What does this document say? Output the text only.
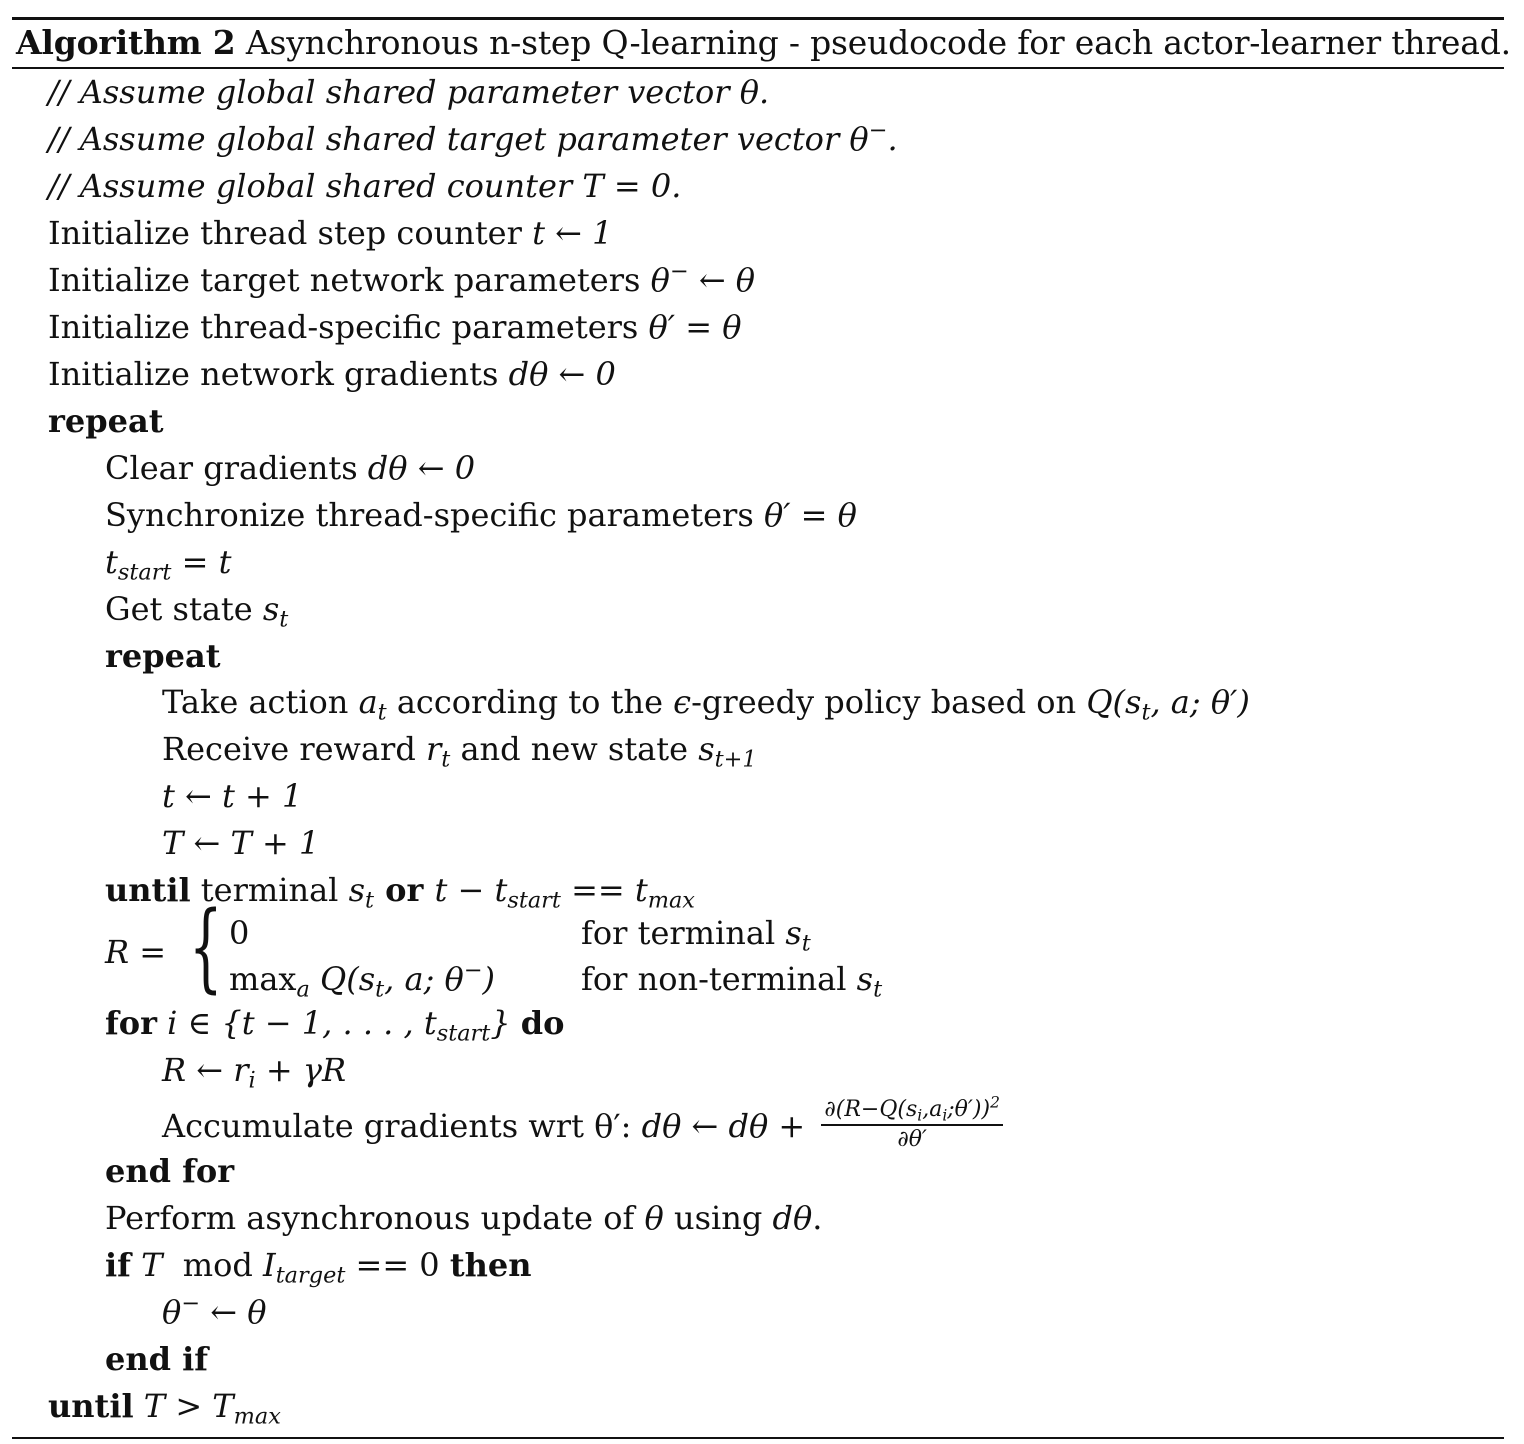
Algorithm 2 Asynchronous n-step Q-learning - pseudocode for each actor-learner thread.
// Assume global shared parameter vector θ.
// Assume global shared target parameter vector θ−.
// Assume global shared counter T = 0.
Initialize thread step counter t ← 1
Initialize target network parameters θ− ← θ
Initialize thread-specific parameters θ′ = θ
Initialize network gradients dθ ← 0
repeat
Clear gradients dθ ← 0
Synchronize thread-specific parameters θ′ = θ
$t_{start} = t$
Get state $s_t$
repeat
Take action $a_t$ according to the ϵ-greedy policy based on $Q(s_t$, a; θ′)
Receive reward $r_t$ and new state $s_{t+1}$
t ← t + 1
T ← T + 1
until terminal $s_t$ or $t - t_{start} == t_{max}$
R = { 0	for terminal $s_t$
$\max_a Q(s_t$, a; θ−)	for non-terminal $s_t$
for i ∈ {t − 1, . . . , $t_{start}$} do
R ← $r_i + \gamma R$
Accumulate gradients wrt θ′: dθ ← $d\theta + \frac{\partial(R-Q(s_i,a_i;\theta'))^2}{\partial\theta'}$
end for
Perform asynchronous update of θ using dθ.
if T  mod $I_{target} == 0$ then
θ− ← θ
end if
until $T > T_{max}$
